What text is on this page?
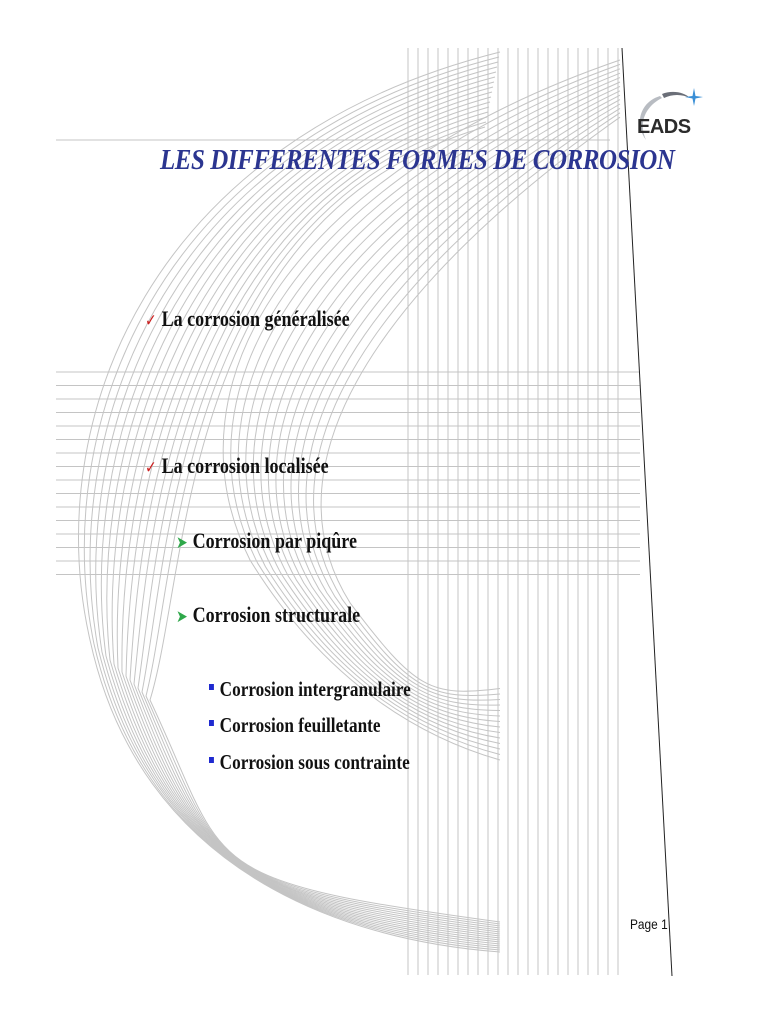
EADS
LES DIFFERENTES FORMES DE CORROSION
✓ La corrosion généralisée
✓ La corrosion localisée
➤ Corrosion par piqûre
➤ Corrosion structurale
Corrosion intergranulaire
Corrosion feuilletante
Corrosion sous contrainte
Page 1
